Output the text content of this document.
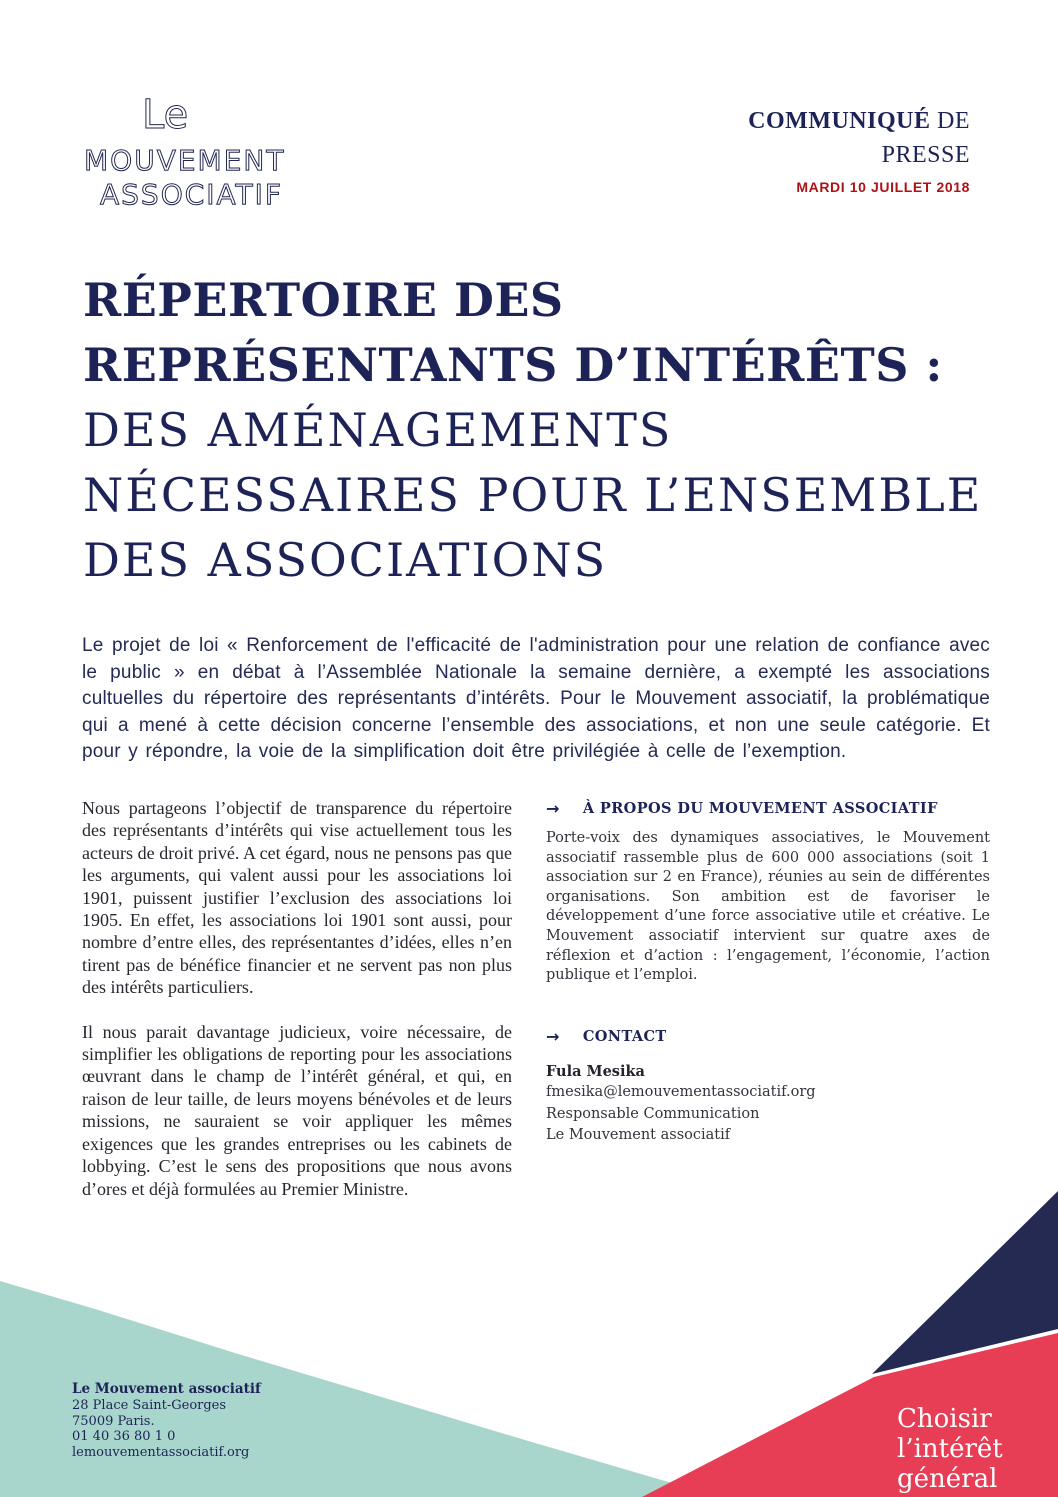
Le
MOUVEMENT
ASSOCIATIF
COMMUNIQUÉ DE
PRESSE
MARDI 10 JUILLET 2018
RÉPERTOIRE DES
REPRÉSENTANTS D’INTÉRÊTS :
DES AMÉNAGEMENTS
NÉCESSAIRES POUR L’ENSEMBLE
DES ASSOCIATIONS
Le projet de loi « Renforcement de l'efficacité de l'administration pour une relation de confiance avec le public » en débat à l’Assemblée Nationale la semaine dernière, a exempté les associations cultuelles du répertoire des représentants d’intérêts. Pour le Mouvement associatif, la problématique qui a mené à cette décision concerne l’ensemble des associations, et non une seule catégorie. Et pour y répondre, la voie de la simplification doit être privilégiée à celle de l’exemption.

Nous partageons l’objectif de transparence du répertoire des représentants d’intérêts qui vise actuellement tous les acteurs de droit privé. A cet égard, nous ne pensons pas que les arguments, qui valent aussi pour les associations loi 1901, puissent justifier l’exclusion des associations loi 1905. En effet, les associations loi 1901 sont aussi, pour nombre d’entre elles, des représentantes d’idées, elles n’en tirent pas de bénéfice financier et ne servent pas non plus des intérêts particuliers.

Il nous parait davantage judicieux, voire nécessaire, de simplifier les obligations de reporting pour les associations œuvrant dans le champ de l’intérêt général, et qui, en raison de leur taille, de leurs moyens bénévoles et de leurs missions, ne sauraient se voir appliquer les mêmes exigences que les grandes entreprises ou les cabinets de lobbying. C’est le sens des propositions que nous avons d’ores et déjà formulées au Premier Ministre.

→ À PROPOS DU MOUVEMENT ASSOCIATIF
Porte-voix des dynamiques associatives, le Mouvement associatif rassemble plus de 600 000 associations (soit 1 association sur 2 en France), réunies au sein de différentes organisations. Son ambition est de favoriser le développement d’une force associative utile et créative. Le Mouvement associatif intervient sur quatre axes de réflexion et d’action : l’engagement, l’économie, l’action publique et l’emploi.
→ CONTACT
Fula Mesika
fmesika@lemouvementassociatif.org
Responsable Communication
Le Mouvement associatif
Le Mouvement associatif
28 Place Saint-Georges
75009 Paris.
01 40 36 80 1 0
lemouvementassociatif.org
Choisir
l’intérêt
général
